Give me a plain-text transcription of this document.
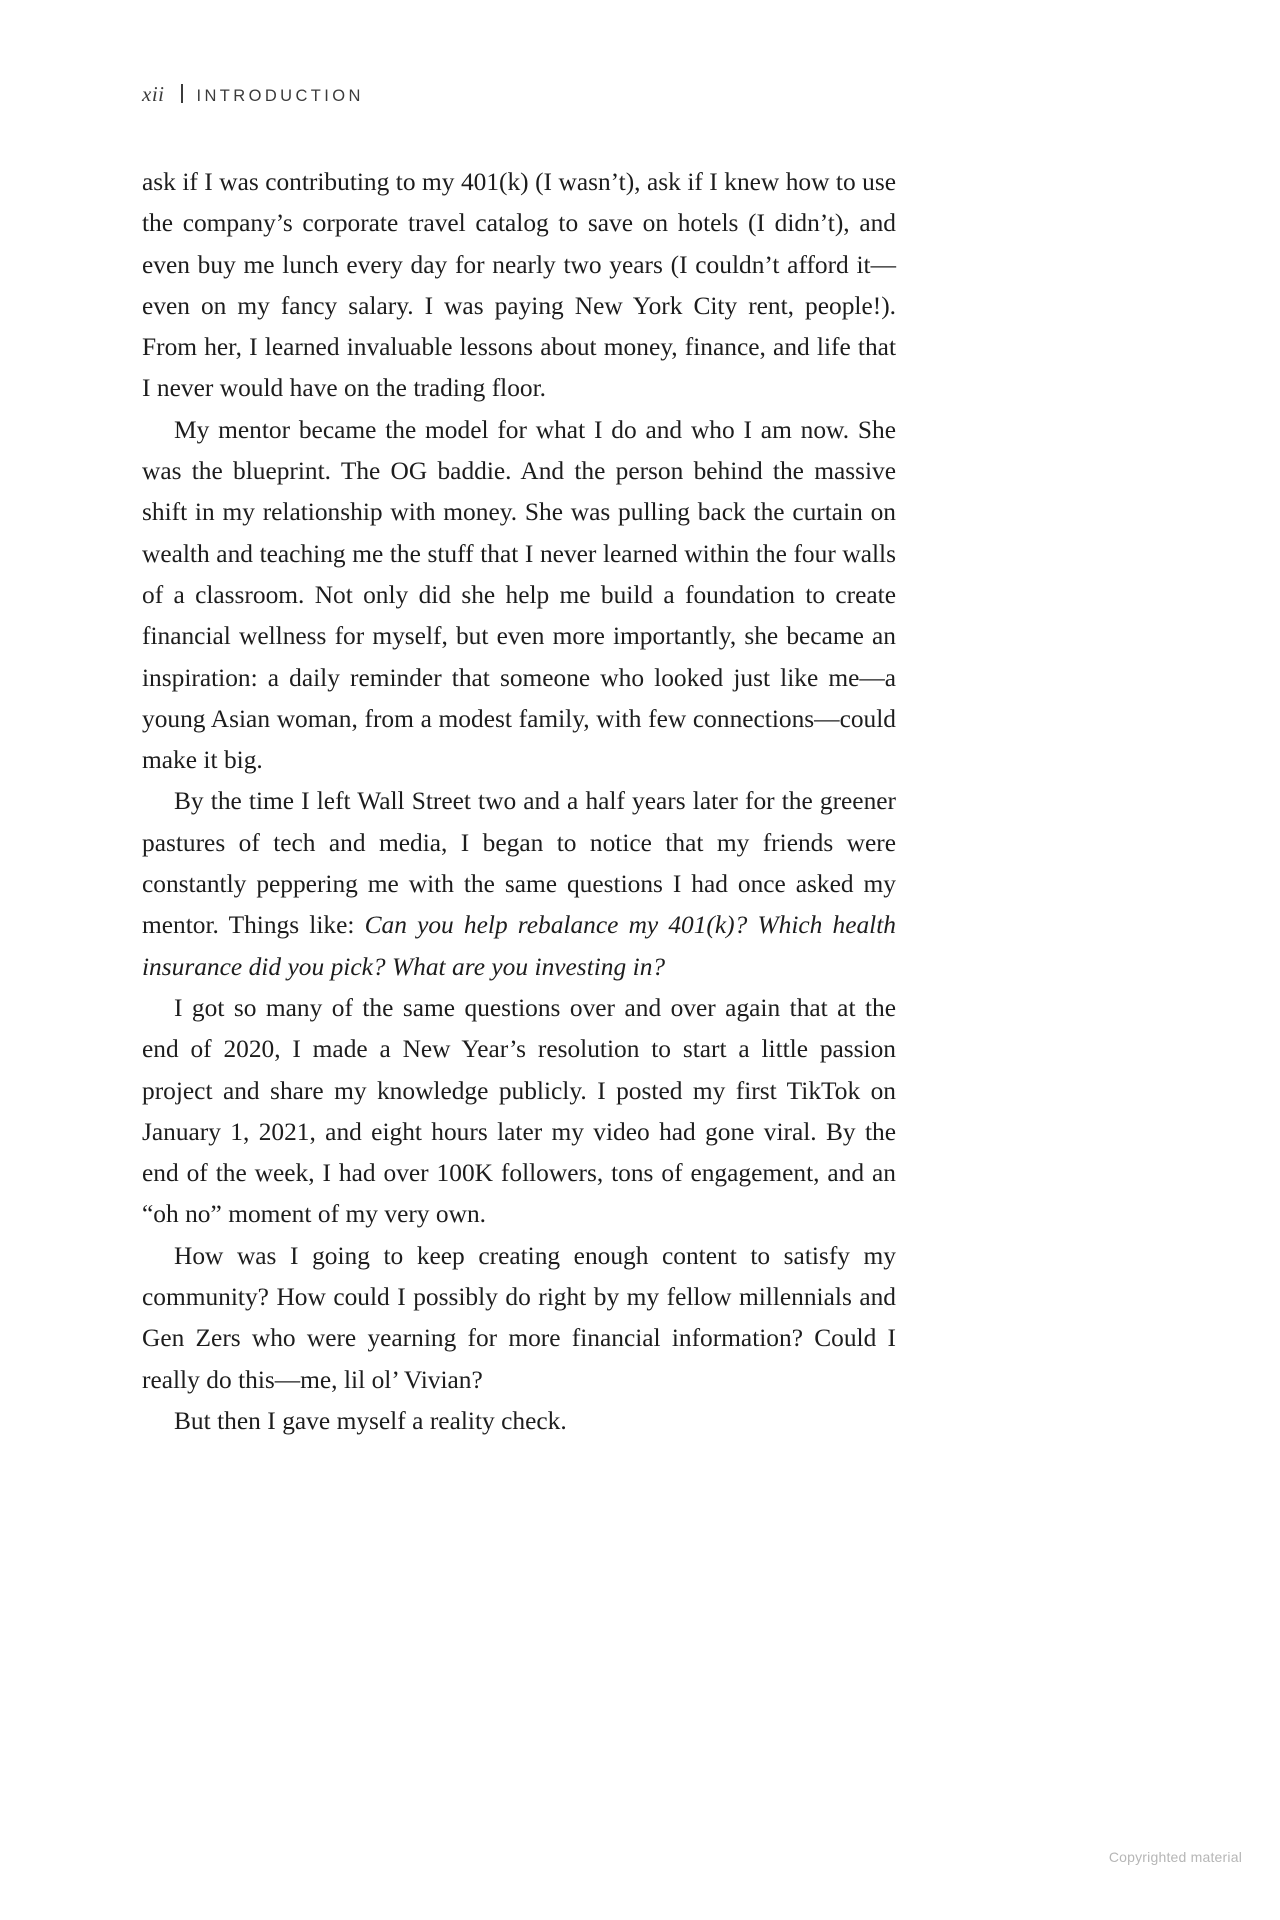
xii INTRODUCTION

ask if I was contributing to my 401(k) (I wasn’t), ask if I knew how to use the company’s corporate travel catalog to save on hotels (I didn’t), and even buy me lunch every day for nearly two years (I couldn’t afford it—even on my fancy salary. I was paying New York City rent, people!). From her, I learned invaluable lessons about money, finance, and life that I never would have on the trading floor.

My mentor became the model for what I do and who I am now. She was the blueprint. The OG baddie. And the person behind the massive shift in my relationship with money. She was pulling back the curtain on wealth and teaching me the stuff that I never learned within the four walls of a classroom. Not only did she help me build a foundation to create financial wellness for myself, but even more importantly, she became an inspiration: a daily reminder that someone who looked just like me—a young Asian woman, from a modest family, with few connections—could make it big.

By the time I left Wall Street two and a half years later for the greener pastures of tech and media, I began to notice that my friends were constantly peppering me with the same questions I had once asked my mentor. Things like: Can you help rebalance my 401(k)? Which health insurance did you pick? What are you investing in?

I got so many of the same questions over and over again that at the end of 2020, I made a New Year’s resolution to start a little passion project and share my knowledge publicly. I posted my first TikTok on January 1, 2021, and eight hours later my video had gone viral. By the end of the week, I had over 100K followers, tons of engagement, and an “oh no” moment of my very own.

How was I going to keep creating enough content to satisfy my community? How could I possibly do right by my fellow millennials and Gen Zers who were yearning for more financial information? Could I really do this—me, lil ol’ Vivian?

But then I gave myself a reality check.

Copyrighted material
